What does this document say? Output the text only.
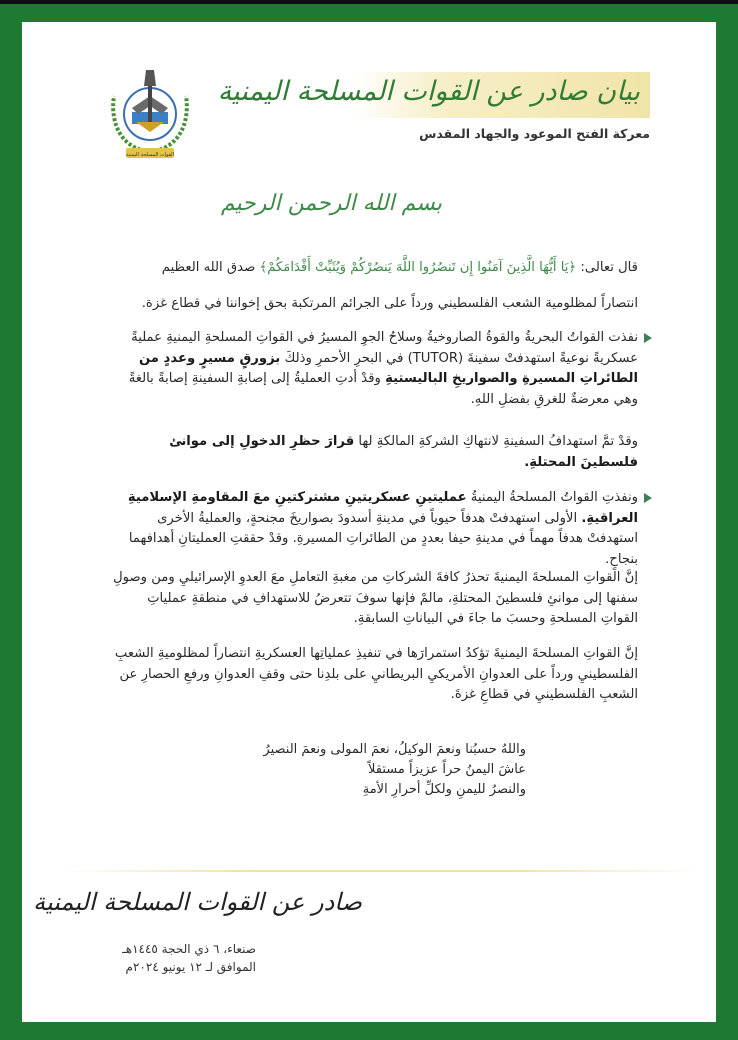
القوات المسلحة اليمنية
بيان صادر عن القوات المسلحة اليمنية
معركة الفتح الموعود والجهاد المقدس
بسم الله الرحمن الرحيم
قال تعالى: ﴿يَا أَيُّهَا الَّذِينَ آمَنُوا إِن تَنصُرُوا اللَّهَ يَنصُرْكُمْ وَيُثَبِّتْ أَقْدَامَكُمْ﴾ صدق الله العظيم
انتصاراً لمظلومية الشعب الفلسطيني ورداً على الجرائم المرتكبة بحق إخواننا في قطاع غزة.
نفذت القواتُ البحريةُ والقوةُ الصاروخيةُ وسلاحُ الجوِ المسيرُ في القواتِ المسلحةِ اليمنيةِ عمليةً عسكريةً نوعيةً استهدفتْ سفينةَ (TUTOR) في البحرِ الأحمرِ وذلكَ بزورقٍ مسيرٍ وعددٍ من الطائراتِ المسيرةِ والصواريخِ الباليستيةِ وقدْ أدتِ العمليةُ إلى إصابةِ السفينةِ إصابةً بالغةً وهي معرضةٌ للغرقِ بفضلِ اللهِ.
وقدْ تمَّ استهدافُ السفينةِ لانتهاكِ الشركةِ المالكةِ لها قرارَ حظرِ الدخولِ إلى موانئ فلسطينَ المحتلةِ.
ونفذتِ القواتُ المسلحةُ اليمنيةُ عمليتينِ عسكريتينِ مشتركتينِ معَ المقاومةِ الإسلاميةِ العراقيةِ. الأولى استهدفتْ هدفاً حيوياً في مدينةِ أسدودَ بصواريخَ مجنحةٍ، والعمليةُ الأخرى استهدفتْ هدفاً مهماً في مدينةِ حيفا بعددٍ من الطائراتِ المسيرةِ. وقدْ حققتِ العمليتانِ أهدافهما بنجاحٍ.
إنَّ القواتِ المسلحةَ اليمنيةَ تحذرُ كافةَ الشركاتِ من مغبةِ التعاملِ معَ العدوِ الإسرائيليِ ومن وصولِ سفنها إلى موانئِ فلسطينَ المحتلةِ، مالمْ فإنها سوفَ تتعرضُ للاستهدافِ في منطقةِ عملياتِ القواتِ المسلحةِ وحسبَ ما جاءَ في البياناتِ السابقةِ.
إنَّ القواتِ المسلحةَ اليمنيةَ تؤكدُ استمرارَها في تنفيذِ عملياتِها العسكريةِ انتصاراً لمظلوميةِ الشعبِ الفلسطينيِ ورداً على العدوانِ الأمريكيِ البريطانيِ على بلدِنا حتى وقفِ العدوانِ ورفعِ الحصارِ عن الشعبِ الفلسطينيِ في قطاعِ غزةَ.
واللهُ حسبُنا ونعمَ الوكيلُ، نعمَ المولى ونعمَ النصيرُ
عاشَ اليمنُ حراً عزيزاً مستقلاً
والنصرُ لليمنِ ولكلِّ أحرارِ الأمةِ
صادر عن القوات المسلحة اليمنية
صنعاء، ٦ ذي الحجة ١٤٤٥هـ
الموافق لـ ١٢ يونيو ٢٠٢٤م
